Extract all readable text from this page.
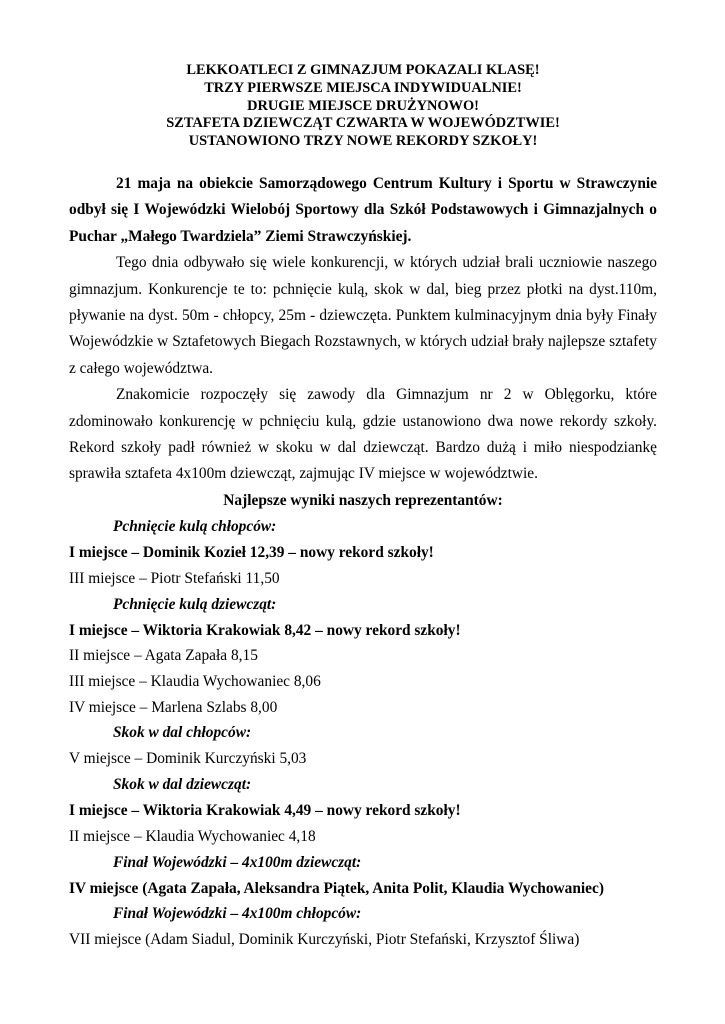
LEKKOATLECI Z GIMNAZJUM POKAZALI KLASĘ!
TRZY PIERWSZE MIEJSCA INDYWIDUALNIE!
DRUGIE MIEJSCE DRUŻYNOWO!
SZTAFETA DZIEWCZĄT CZWARTA W WOJEWÓDZTWIE!
USTANOWIONO TRZY NOWE REKORDY SZKOŁY!

21 maja na obiekcie Samorządowego Centrum Kultury i Sportu w Strawczynie odbył się I Wojewódzki Wielobój Sportowy dla Szkół Podstawowych i Gimnazjalnych o Puchar „Małego Twardziela” Ziemi Strawczyńskiej.

Tego dnia odbywało się wiele konkurencji, w których udział brali uczniowie naszego gimnazjum. Konkurencje te to: pchnięcie kulą, skok w dal, bieg przez płotki na dyst.110m, pływanie na dyst. 50m - chłopcy, 25m - dziewczęta. Punktem kulminacyjnym dnia były Finały Wojewódzkie w Sztafetowych Biegach Rozstawnych, w których udział brały najlepsze sztafety z całego województwa.

Znakomicie rozpoczęły się zawody dla Gimnazjum nr 2 w Oblęgorku, które zdominowało konkurencję w pchnięciu kulą, gdzie ustanowiono dwa nowe rekordy szkoły. Rekord szkoły padł również w skoku w dal dziewcząt. Bardzo dużą i miło niespodziankę sprawiła sztafeta 4x100m dziewcząt, zajmując IV miejsce w województwie.

Najlepsze wyniki naszych reprezentantów:
Pchnięcie kulą chłopców:
I miejsce – Dominik Kozieł 12,39 – nowy rekord szkoły!
III miejsce – Piotr Stefański 11,50
Pchnięcie kulą dziewcząt:
I miejsce – Wiktoria Krakowiak 8,42 – nowy rekord szkoły!
II miejsce – Agata Zapała 8,15
III miejsce – Klaudia Wychowaniec 8,06
IV miejsce – Marlena Szlabs 8,00
Skok w dal chłopców:
V miejsce – Dominik Kurczyński 5,03
Skok w dal dziewcząt:
I miejsce – Wiktoria Krakowiak 4,49 – nowy rekord szkoły!
II miejsce – Klaudia Wychowaniec 4,18
Finał Wojewódzki – 4x100m dziewcząt:
IV miejsce (Agata Zapała, Aleksandra Piątek, Anita Polit, Klaudia Wychowaniec)
Finał Wojewódzki – 4x100m chłopców:
VII miejsce (Adam Siadul, Dominik Kurczyński, Piotr Stefański, Krzysztof Śliwa)
